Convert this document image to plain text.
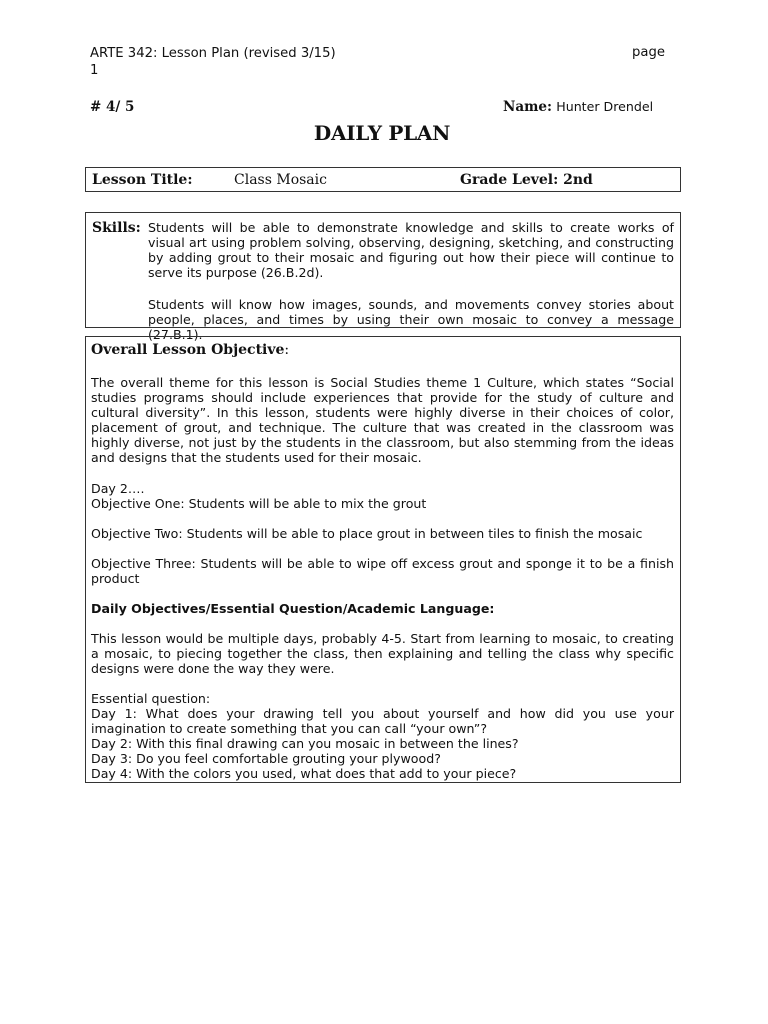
ARTE 342: Lesson Plan (revised 3/15)
1
page
# 4/ 5	Name: Hunter Drendel
DAILY PLAN
Lesson Title:	Class Mosaic	Grade Level: 2nd
Skills: Students will be able to demonstrate knowledge and skills to create works of visual art using problem solving, observing, designing, sketching, and constructing by adding grout to their mosaic and figuring out how their piece will continue to serve its purpose (26.B.2d).

Students will know how images, sounds, and movements convey stories about people, places, and times by using their own mosaic to convey a message (27.B.1).

Overall Lesson Objective:

The overall theme for this lesson is Social Studies theme 1 Culture, which states “Social studies programs should include experiences that provide for the study of culture and cultural diversity”. In this lesson, students were highly diverse in their choices of color, placement of grout, and technique. The culture that was created in the classroom was highly diverse, not just by the students in the classroom, but also stemming from the ideas and designs that the students used for their mosaic.

Day 2….

Objective One: Students will be able to mix the grout

Objective Two: Students will be able to place grout in between tiles to finish the mosaic

Objective Three: Students will be able to wipe off excess grout and sponge it to be a finish product

Daily Objectives/Essential Question/Academic Language:

This lesson would be multiple days, probably 4-5. Start from learning to mosaic, to creating a mosaic, to piecing together the class, then explaining and telling the class why specific designs were done the way they were.

Essential question:

Day 1: What does your drawing tell you about yourself and how did you use your imagination to create something that you can call “your own”?

Day 2: With this final drawing can you mosaic in between the lines?

Day 3: Do you feel comfortable grouting your plywood?

Day 4: With the colors you used, what does that add to your piece?
